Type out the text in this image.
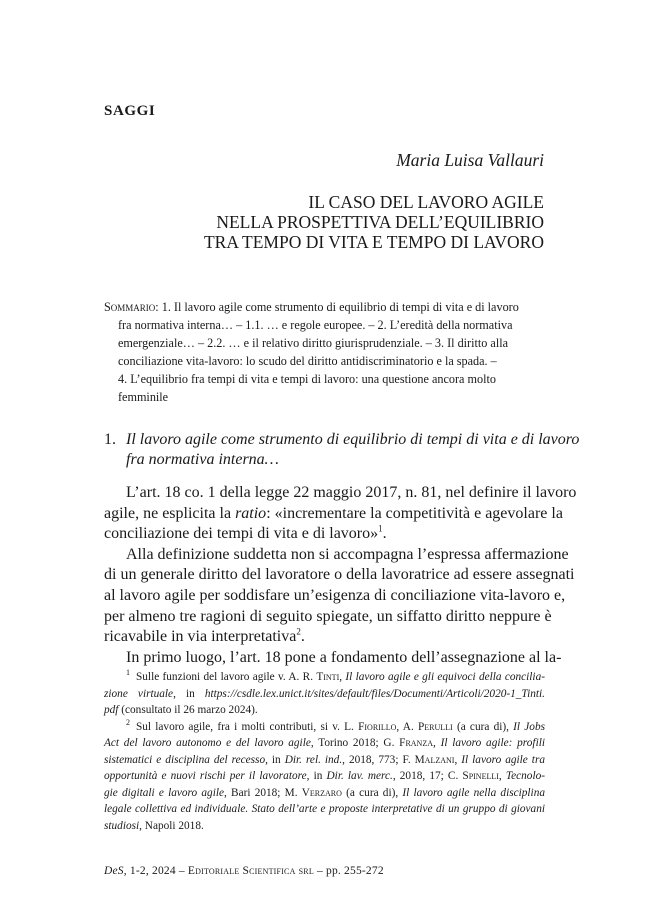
SAGGI
Maria Luisa Vallauri
IL CASO DEL LAVORO AGILE
NELLA PROSPETTIVA DELL’EQUILIBRIO
TRA TEMPO DI VITA E TEMPO DI LAVORO
Sommario: 1. Il lavoro agile come strumento di equilibrio di tempi di vita e di lavoro
fra normativa interna… – 1.1. … e regole europee. – 2. L’eredità della normativa
emergenziale… – 2.2. … e il relativo diritto giurisprudenziale. – 3. Il diritto alla
conciliazione vita-lavoro: lo scudo del diritto antidiscriminatorio e la spada. –
4. L’equilibrio fra tempi di vita e tempi di lavoro: una questione ancora molto
femminile
1. Il lavoro agile come strumento di equilibrio di tempi di vita e di lavoro
fra normativa interna…
L’art. 18 co. 1 della legge 22 maggio 2017, n. 81, nel definire il lavoro
agile, ne esplicita la ratio: «incrementare la competitività e agevolare la
conciliazione dei tempi di vita e di lavoro»$^1$.
Alla definizione suddetta non si accompagna l’espressa affermazione
di un generale diritto del lavoratore o della lavoratrice ad essere assegnati
al lavoro agile per soddisfare un’esigenza di conciliazione vita-lavoro e,
per almeno tre ragioni di seguito spiegate, un siffatto diritto neppure è
ricavabile in via interpretativa$^2$.
In primo luogo, l’art. 18 pone a fondamento dell’assegnazione al la-
$^1$ Sulle funzioni del lavoro agile v. A. R. Tinti, Il lavoro agile e gli equivoci della concilia-
zione virtuale, in https://csdle.lex.unict.it/sites/default/files/Documenti/Articoli/2020-1_Tinti.
pdf (consultato il 26 marzo 2024).
$^2$ Sul lavoro agile, fra i molti contributi, si v. L. Fiorillo, A. Perulli (a cura di), Il Jobs
Act del lavoro autonomo e del lavoro agile, Torino 2018; G. Franza, Il lavoro agile: profili
sistematici e disciplina del recesso, in Dir. rel. ind., 2018, 773; F. Malzani, Il lavoro agile tra
opportunità e nuovi rischi per il lavoratore, in Dir. lav. merc., 2018, 17; C. Spinelli, Tecnolo-
gie digitali e lavoro agile, Bari 2018; M. Verzaro (a cura di), Il lavoro agile nella disciplina
legale collettiva ed individuale. Stato dell’arte e proposte interpretative di un gruppo di giovani
studiosi, Napoli 2018.
DeS, 1-2, 2024 – Editoriale Scientifica srl – pp. 255-272
